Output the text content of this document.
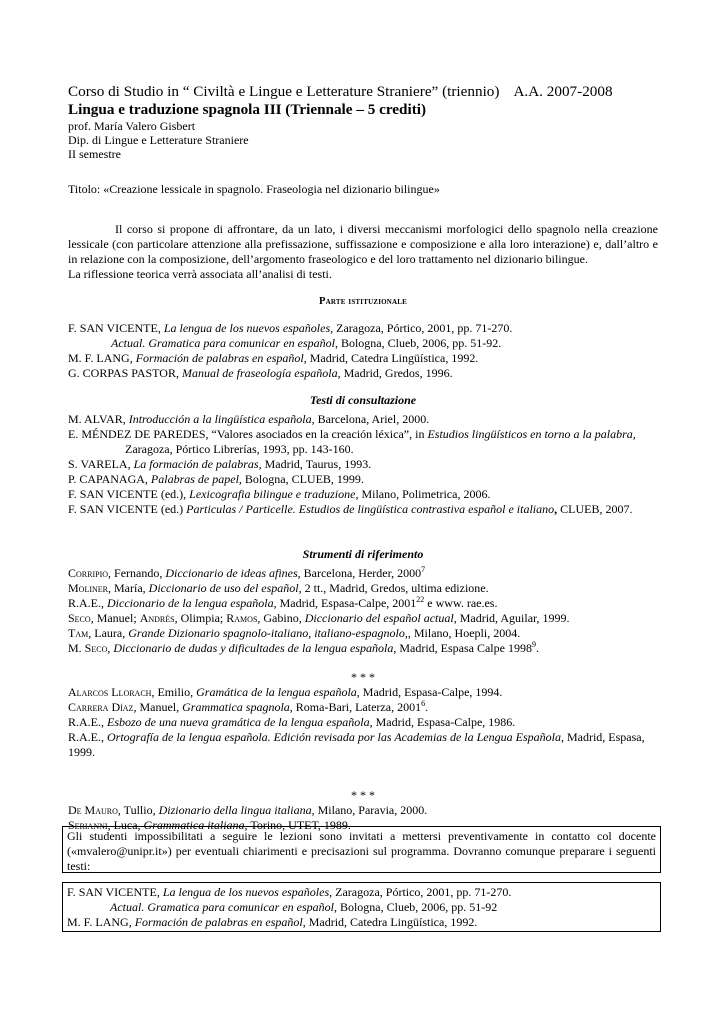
Corso di Studio in “ Civiltà e Lingue e Letterature Straniere” (triennio) A.A. 2007-2008
Lingua e traduzione spagnola III (Triennale – 5 crediti)
prof. María Valero Gisbert
Dip. di Lingue e Letterature Straniere
II semestre
Titolo: «Creazione lessicale in spagnolo. Fraseologia nel dizionario bilingue»
Il corso si propone di affrontare, da un lato, i diversi meccanismi morfologici dello spagnolo nella creazione lessicale (con particolare attenzione alla prefissazione, suffissazione e composizione e alla loro interazione) e, dall’altro e in relazione con la composizione, dell’argomento fraseologico e del loro trattamento nel dizionario bilingue.
La riflessione teorica verrà associata all’analisi di testi.
Parte istituzionale
F. SAN VICENTE, La lengua de los nuevos españoles, Zaragoza, Pórtico, 2001, pp. 71-270.
Actual. Gramatica para comunicar en español, Bologna, Clueb, 2006, pp. 51-92.
M. F. LANG, Formación de palabras en español, Madrid, Catedra Lingüística, 1992.
G. CORPAS PASTOR, Manual de fraseología española, Madrid, Gredos, 1996.
Testi di consultazione
M. ALVAR, Introducción a la lingüística española, Barcelona, Ariel, 2000.
E. MÉNDEZ DE PAREDES, “Valores asociados en la creación léxica”, in Estudios lingüísticos en torno a la palabra,
Zaragoza, Pórtico Librerías, 1993, pp. 143-160.
S. VARELA, La formación de palabras, Madrid, Taurus, 1993.
P. CAPANAGA, Palabras de papel, Bologna, CLUEB, 1999.
F. SAN VICENTE (ed.), Lexicografia bilingue e traduzione, Milano, Polimetrica, 2006.
F. SAN VICENTE (ed.) Particulas / Particelle. Estudios de lingüística contrastiva español e italiano, CLUEB, 2007.
Strumenti di riferimento
Corripio, Fernando, Diccionario de ideas afines, Barcelona, Herder, 2000$^7$
Moliner, María, Diccionario de uso del español, 2 tt., Madrid, Gredos, ultima edizione.
R.A.E., Diccionario de la lengua española, Madrid, Espasa-Calpe, 2001$^{22}$ e www. rae.es.
Seco, Manuel; Andrés, Olimpia; Ramos, Gabino, Diccionario del español actual, Madrid, Aguilar, 1999.
Tam, Laura, Grande Dizionario spagnolo-italiano, italiano-espagnolo,, Milano, Hoepli, 2004.
M. Seco, Diccionario de dudas y dificultades de la lengua española, Madrid, Espasa Calpe 1998$^9$.
* * *
Alarcos Llorach, Emilio, Gramática de la lengua española, Madrid, Espasa-Calpe, 1994.
Carrera Díaz, Manuel, Grammatica spagnola, Roma-Bari, Laterza, 2001$^6$.
R.A.E., Esbozo de una nueva gramática de la lengua española, Madrid, Espasa-Calpe, 1986.
R.A.E., Ortografía de la lengua española. Edición revisada por las Academias de la Lengua Española, Madrid, Espasa, 1999.
* * *
De Mauro, Tullio, Dizionario della lingua italiana, Milano, Paravia, 2000.
Serianni, Luca, Grammatica italiana, Torino, UTET, 1989.
Gli studenti impossibilitati a seguire le lezioni sono invitati a mettersi preventivamente in contatto col docente («mvalero@unipr.it») per eventuali chiarimenti e precisazioni sul programma. Dovranno comunque preparare i seguenti testi:
F. SAN VICENTE, La lengua de los nuevos españoles, Zaragoza, Pórtico, 2001, pp. 71-270.
Actual. Gramatica para comunicar en español, Bologna, Clueb, 2006, pp. 51-92
M. F. LANG, Formación de palabras en español, Madrid, Catedra Lingüística, 1992.
